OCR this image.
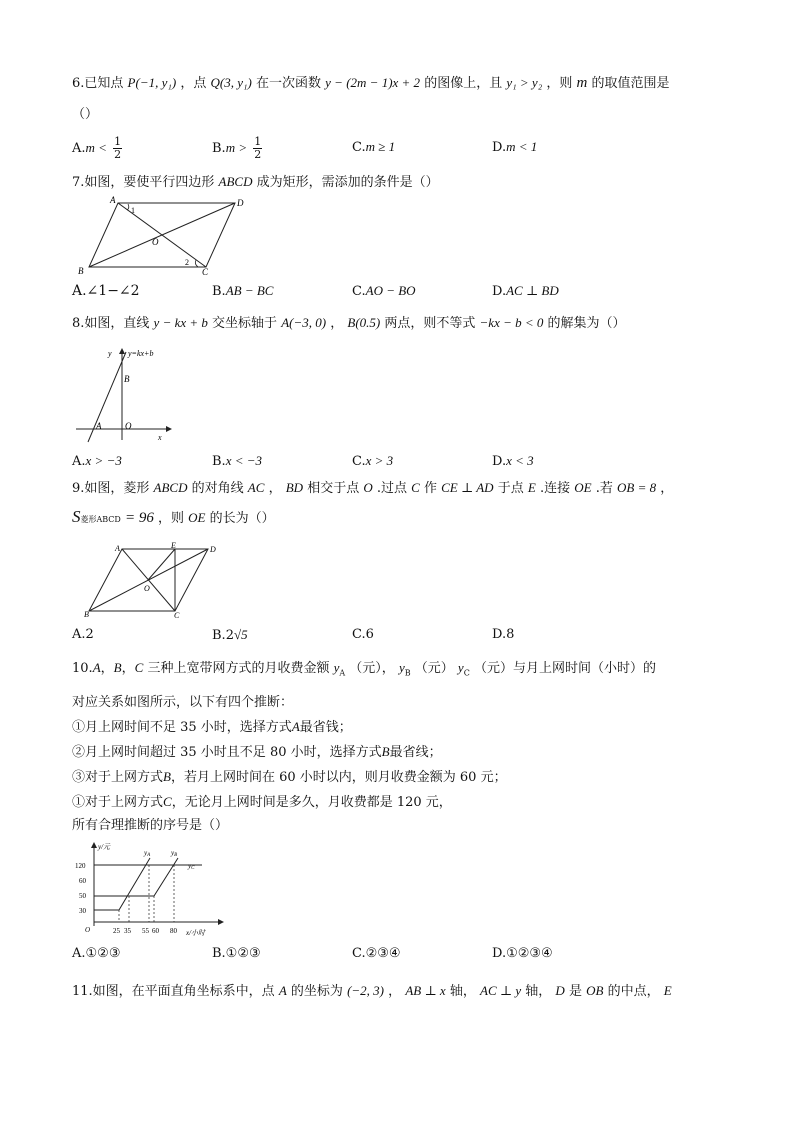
6.已知点 P(−1, y₁) ，点 Q(3, y₁) 在一次函数 y − (2m − 1)x + 2 的图像上，且 y₁ > y₂ ，则 m 的取值范围是
（）
$A.m < \frac{1}{2}$	$B.m > \frac{1}{2}$	C.m ≥ 1	D.m < 1
7.如图，要使平行四边形 ABCD 成为矩形，需添加的条件是（）
A	D
B	C
O
1
2
A.∠1−∠2	B.AB − BC	C.AO − BO	D.AC ⊥ BD
8.如图，直线 y − kx + b 交坐标轴于 A(−3, 0) ， B(0.5) 两点，则不等式 −kx − b < 0 的解集为（）
y y=kx+b
B
A	O
x
A.x > −3	B.x < −3	C.x > 3	D.x < 3
9.如图，菱形 ABCD 的对角线 AC ， BD 相交于点 O .过点 C 作 CE ⊥ AD 于点 E .连接 OE .若 OB = 8 ，
S菱形ABCD = 96 ，则 OE 的长为（）
A	E	D
O
B	C
A.2	B.2√5	C.6	D.8
10.A，B，C 三种上宽带网方式的月收费金额 $y_A$ （元）， $y_B$ （元） $y_C$ （元）与月上网时间（小时）的
对应关系如图所示，以下有四个推断：
①月上网时间不足 35 小时，选择方式A最省钱；
②月上网时间超过 35 小时且不足 80 小时，选择方式B最省线；
③对于上网方式B，若月上网时间在 60 小时以内，则月收费金额为 60 元；
①对于上网方式C，无论月上网时间是多久，月收费都是 120 元，
所有合理推断的序号是（）
y/元
120
60
50
30
O	25 35 55 60 80 x/小时
yA	yB
yC
A.①②③	B.①②③	C.②③④	D.①②③④
11.如图，在平面直角坐标系中，点 A 的坐标为 (−2, 3) ， AB ⊥ x 轴， AC ⊥ y 轴， D 是 OB 的中点， E
